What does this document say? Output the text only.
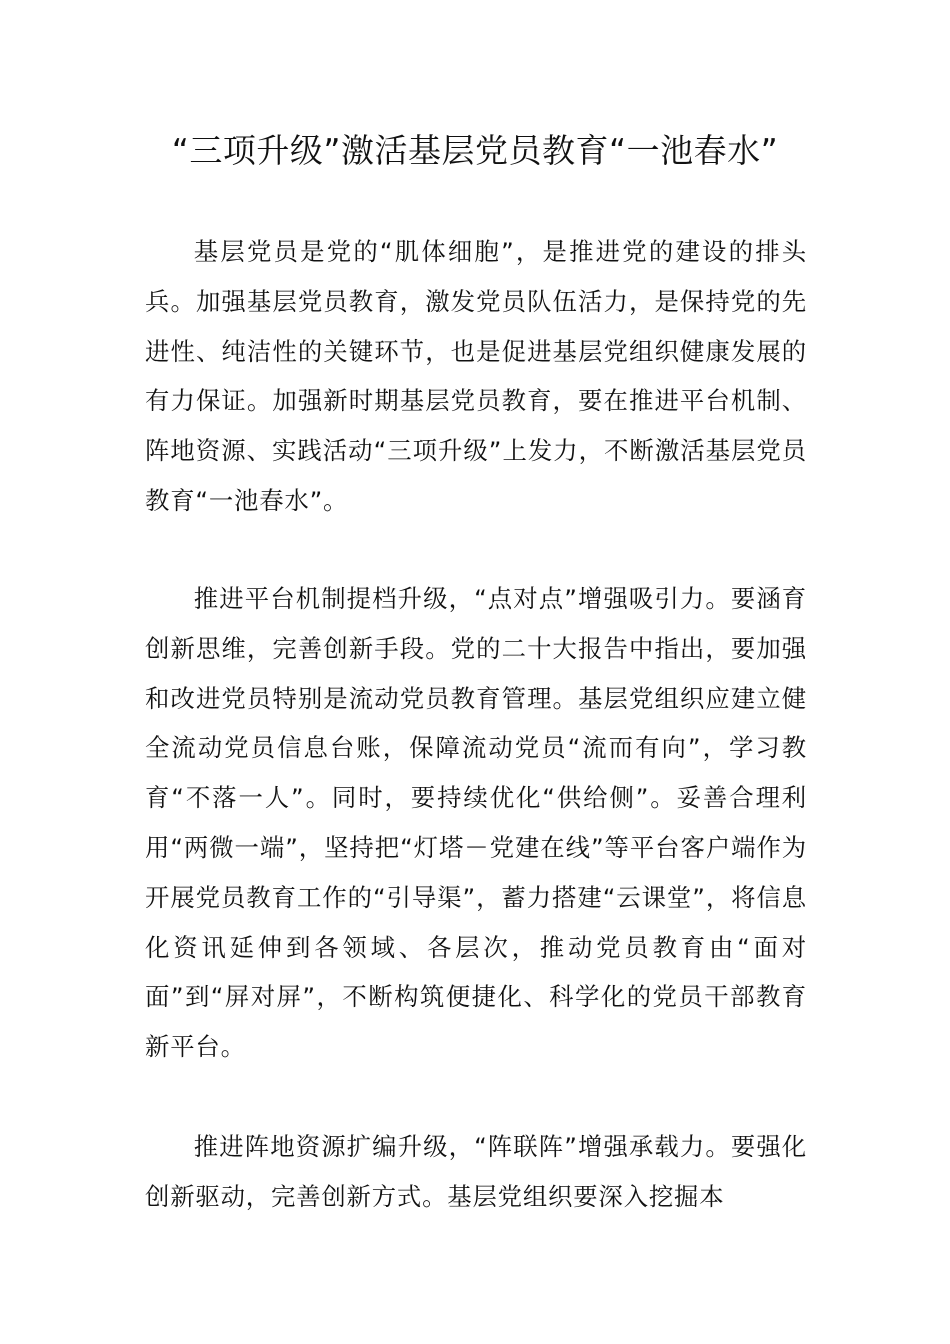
“三项升级”激活基层党员教育“一池春水”

基层党员是党的“肌体细胞”，是推进党的建设的排头兵。加强基层党员教育，激发党员队伍活力，是保持党的先进性、纯洁性的关键环节，也是促进基层党组织健康发展的有力保证。加强新时期基层党员教育，要在推进平台机制、阵地资源、实践活动“三项升级”上发力，不断激活基层党员教育“一池春水”。

推进平台机制提档升级，“点对点”增强吸引力。要涵育创新思维，完善创新手段。党的二十大报告中指出，要加强和改进党员特别是流动党员教育管理。基层党组织应建立健全流动党员信息台账，保障流动党员“流而有向”，学习教育“不落一人”。同时，要持续优化“供给侧”。妥善合理利用“两微一端”，坚持把“灯塔－党建在线”等平台客户端作为开展党员教育工作的“引导渠”，蓄力搭建“云课堂”，将信息化资讯延伸到各领域、各层次，推动党员教育由“面对面”到“屏对屏”，不断构筑便捷化、科学化的党员干部教育新平台。

推进阵地资源扩编升级，“阵联阵”增强承载力。要强化创新驱动，完善创新方式。基层党组织要深入挖掘本
